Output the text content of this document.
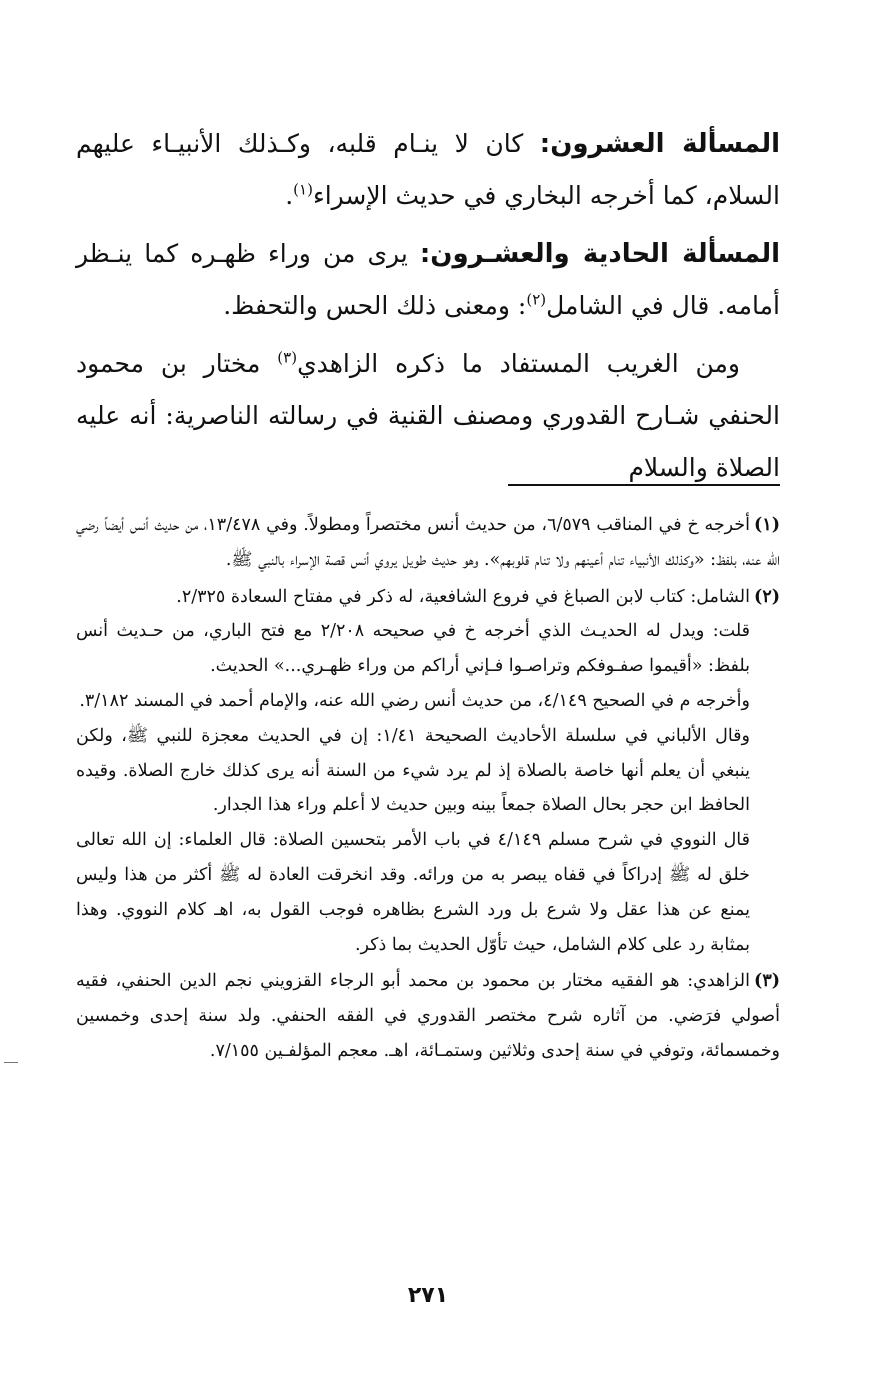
المسألة العشرون: كان لا ينـام قلبه، وكـذلك الأنبيـاء عليهم السلام، كما أخرجه البخاري في حديث الإسراء$^{(١)}$.

المسألة الحادية والعشـرون: يرى من وراء ظهـره كما ينـظر أمامه. قال في الشامل$^{(٢)}$: ومعنى ذلك الحس والتحفظ.

ومن الغريب المستفاد ما ذكره الزاهدي$^{(٣)}$ مختار بن محمود الحنفي شـارح القدوري ومصنف القنية في رسالته الناصرية: أنه عليه الصلاة والسلام

(١)أخرجه خ في المناقب ٦/٥٧٩، من حديث أنس مختصراً ومطولاً. وفي ١٣/٤٧٨، من حديث أنس أيضاً رضي الله عنه، بلفظ: «وكذلك الأنبياء تنام أعينهم ولا تنام قلوبهم». وهو حديث طويل يروي أنس قصة الإسراء بالنبي ﷺ.

(٢)الشامل: كتاب لابن الصباغ في فروع الشافعية، له ذكر في مفتاح السعادة ٢/٣٢٥.

قلت: ويدل له الحديـث الذي أخرجه خ في صحيحه ٢/٢٠٨ مع فتح الباري، من حـديث أنس بلفظ: «أقيموا صفـوفكم وتراصـوا فـإني أراكم من وراء ظهـري...» الحديث.

وأخرجه م في الصحيح ٤/١٤٩، من حديث أنس رضي الله عنه، والإمام أحمد في المسند ٣/١٨٢.

وقال الألباني في سلسلة الأحاديث الصحيحة ١/٤١: إن في الحديث معجزة للنبي ﷺ، ولكن ينبغي أن يعلم أنها خاصة بالصلاة إذ لم يرد شيء من السنة أنه يرى كذلك خارج الصلاة. وقيده الحافظ ابن حجر بحال الصلاة جمعاً بينه وبين حديث لا أعلم وراء هذا الجدار.

قال النووي في شرح مسلم ٤/١٤٩ في باب الأمر بتحسين الصلاة: قال العلماء: إن الله تعالى خلق له ﷺ إدراكاً في قفاه يبصر به من ورائه. وقد انخرقت العادة له ﷺ أكثر من هذا وليس يمنع عن هذا عقل ولا شرع بل ورد الشرع بظاهره فوجب القول به، اهـ كلام النووي. وهذا بمثابة رد على كلام الشامل، حيث تأوّل الحديث بما ذكر.

(٣)الزاهدي: هو الفقيه مختار بن محمود بن محمد أبو الرجاء القزويني نجم الدين الحنفي، فقيه أصولي فرَضي. من آثاره شرح مختصر القدوري في الفقه الحنفي. ولد سنة إحدى وخمسين وخمسمائة، وتوفي في سنة إحدى وثلاثين وستمـائة، اهـ. معجم المؤلفـين ٧/١٥٥.

٢٧١
